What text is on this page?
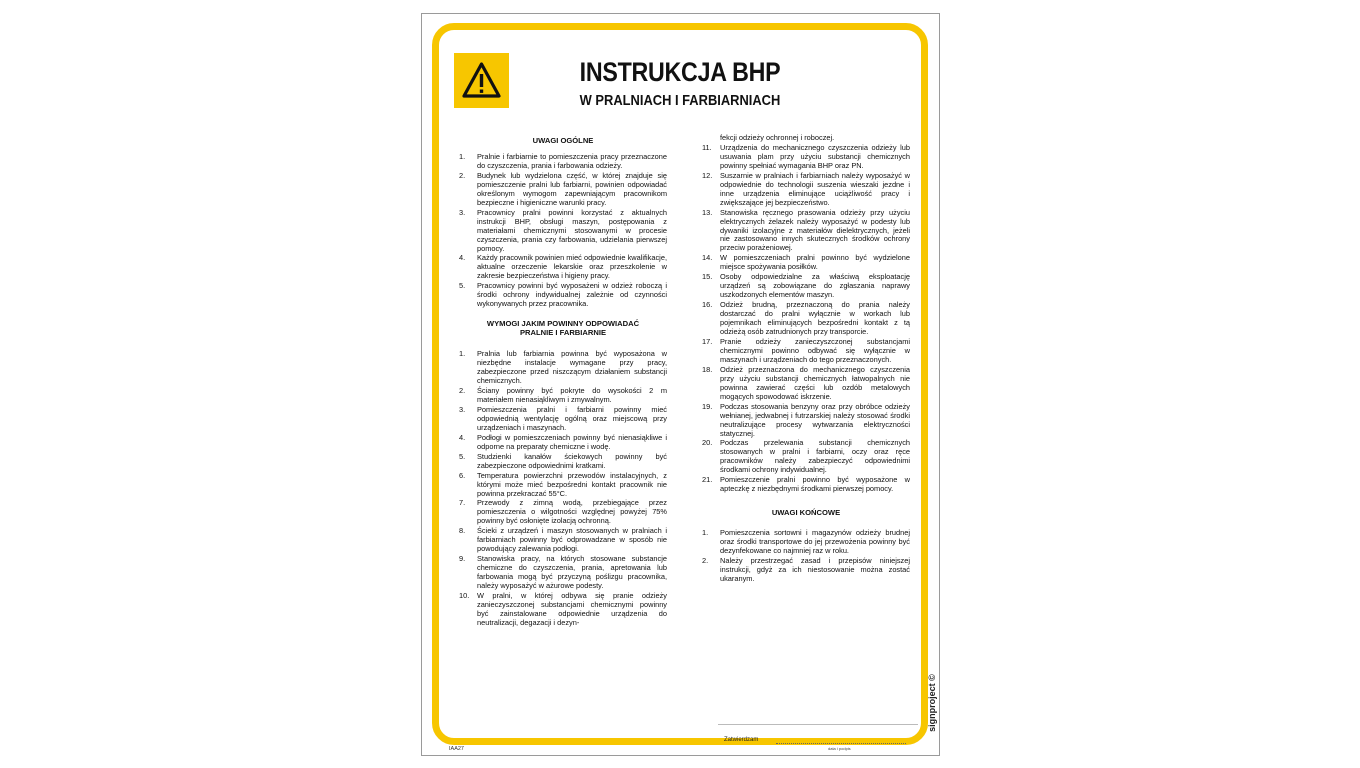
INSTRUKCJA BHP
W PRALNIACH I FARBIARNIACH
UWAGI OGÓLNE
1. Pralnie i farbiarnie to pomieszczenia pracy przeznaczone do czyszczenia, prania i farbowania odzieży.
2. Budynek lub wydzielona część, w której znajduje się pomieszczenie pralni lub farbiarni, powinien odpowiadać określonym wymogom zapewniającym pracownikom bezpieczne i higieniczne warunki pracy.
3. Pracownicy pralni powinni korzystać z aktualnych instrukcji BHP, obsługi maszyn, postępowania z materiałami chemicznymi stosowanymi w procesie czyszczenia, prania czy farbowania, udzielania pierwszej pomocy.
4. Każdy pracownik powinien mieć odpowiednie kwalifikacje, aktualne orzeczenie lekarskie oraz przeszkolenie w zakresie bezpieczeństwa i higieny pracy.
5. Pracownicy powinni być wyposażeni w odzież roboczą i środki ochrony indywidualnej zależnie od czynności wykonywanych przez pracownika.
WYMOGI JAKIM POWINNY ODPOWIADAĆ
PRALNIE I FARBIARNIE
1. Pralnia lub farbiarnia powinna być wyposażona w niezbędne instalacje wymagane przy pracy, zabezpieczone przed niszczącym działaniem substancji chemicznych.
2. Ściany powinny być pokryte do wysokości 2 m materiałem nienasiąkliwym i zmywalnym.
3. Pomieszczenia pralni i farbiarni powinny mieć odpowiednią wentylację ogólną oraz miejscową przy urządzeniach i maszynach.
4. Podłogi w pomieszczeniach powinny być nienasiąkliwe i odporne na preparaty chemiczne i wodę.
5. Studzienki kanałów ściekowych powinny być zabezpieczone odpowiednimi kratkami.
6. Temperatura powierzchni przewodów instalacyjnych, z którymi może mieć bezpośredni kontakt pracownik nie powinna przekraczać 55°C.
7. Przewody z zimną wodą, przebiegające przez pomieszczenia o wilgotności względnej powyżej 75% powinny być osłonięte izolacją ochronną.
8. Ścieki z urządzeń i maszyn stosowanych w pralniach i farbiarniach powinny być odprowadzane w sposób nie powodujący zalewania podłogi.
9. Stanowiska pracy, na których stosowane substancje chemiczne do czyszczenia, prania, apretowania lub farbowania mogą być przyczyną poślizgu pracownika, należy wyposażyć w ażurowe podesty.
10. W pralni, w której odbywa się pranie odzieży zanieczyszczonej substancjami chemicznymi powinny być zainstalowane odpowiednie urządzenia do neutralizacji, degazacji i dezyn-
fekcji odzieży ochronnej i roboczej.
11. Urządzenia do mechanicznego czyszczenia odzieży lub usuwania plam przy użyciu substancji chemicznych powinny spełniać wymagania BHP oraz PN.
12. Suszarnie w pralniach i farbiarniach należy wyposażyć w odpowiednie do technologii suszenia wieszaki jezdne i inne urządzenia eliminujące uciążliwość pracy i zwiększające jej bezpieczeństwo.
13. Stanowiska ręcznego prasowania odzieży przy użyciu elektrycznych żelazek należy wyposażyć w podesty lub dywaniki izolacyjne z materiałów dielektrycznych, jeżeli nie zastosowano innych skutecznych środków ochrony przeciw porażeniowej.
14. W pomieszczeniach pralni powinno być wydzielone miejsce spożywania posiłków.
15. Osoby odpowiedzialne za właściwą eksploatację urządzeń są zobowiązane do zgłaszania naprawy uszkodzonych elementów maszyn.
16. Odzież brudną, przeznaczoną do prania należy dostarczać do pralni wyłącznie w workach lub pojemnikach eliminujących bezpośredni kontakt z tą odzieżą osób zatrudnionych przy transporcie.
17. Pranie odzieży zanieczyszczonej substancjami chemicznymi powinno odbywać się wyłącznie w maszynach i urządzeniach do tego przeznaczonych.
18. Odzież przeznaczona do mechanicznego czyszczenia przy użyciu substancji chemicznych łatwopalnych nie powinna zawierać części lub ozdób metalowych mogących spowodować iskrzenie.
19. Podczas stosowania benzyny oraz przy obróbce odzieży wełnianej, jedwabnej i futrzarskiej należy stosować środki neutralizujące procesy wytwarzania elektryczności statycznej.
20. Podczas przelewania substancji chemicznych stosowanych w pralni i farbiarni, oczy oraz ręce pracowników należy zabezpieczyć odpowiednimi środkami ochrony indywidualnej.
21. Pomieszczenie pralni powinno być wyposażone w apteczkę z niezbędnymi środkami pierwszej pomocy.
UWAGI KOŃCOWE
1. Pomieszczenia sortowni i magazynów odzieży brudnej oraz środki transportowe do jej przewożenia powinny być dezynfekowane co najmniej raz w roku.
2. Należy przestrzegać zasad i przepisów niniejszej instrukcji, gdyż za ich niestosowanie można zostać ukaranym.
Zatwierdzam
data i podpis
signproject ©
IAA27
